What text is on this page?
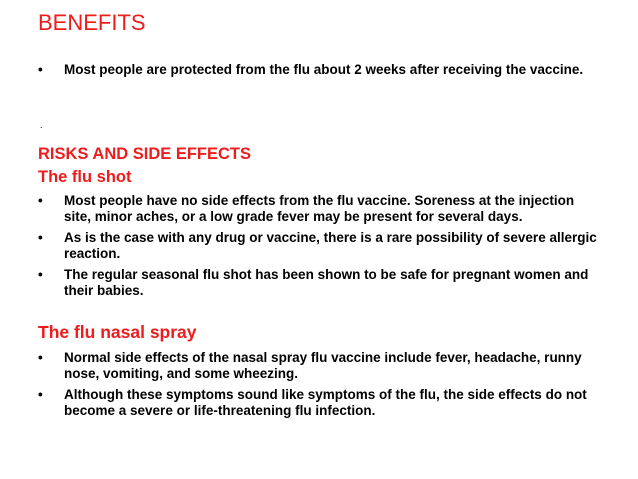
BENEFITS
• Most people are protected from the flu about 2 weeks after receiving the vaccine.
.
RISKS AND SIDE EFFECTS
The flu shot
• Most people have no side effects from the flu vaccine. Soreness at the injection site, minor aches, or a low grade fever may be present for several days.
• As is the case with any drug or vaccine, there is a rare possibility of severe allergic reaction.
• The regular seasonal flu shot has been shown to be safe for pregnant women and their babies.
The flu nasal spray
• Normal side effects of the nasal spray flu vaccine include fever, headache, runny nose, vomiting, and some wheezing.
• Although these symptoms sound like symptoms of the flu, the side effects do not become a severe or life-threatening flu infection.
